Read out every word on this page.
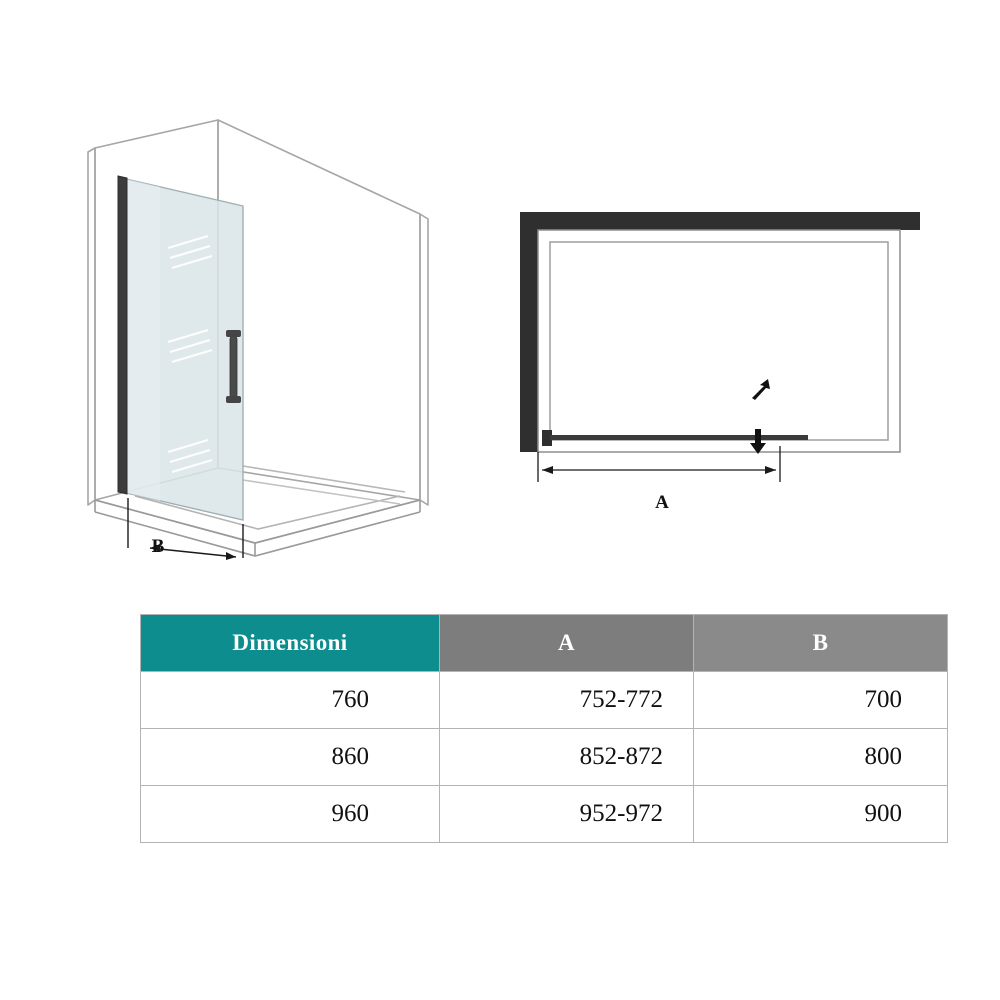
B
A
Dimensioni	A	B
760	752-772	700
860	852-872	800
960	952-972	900
